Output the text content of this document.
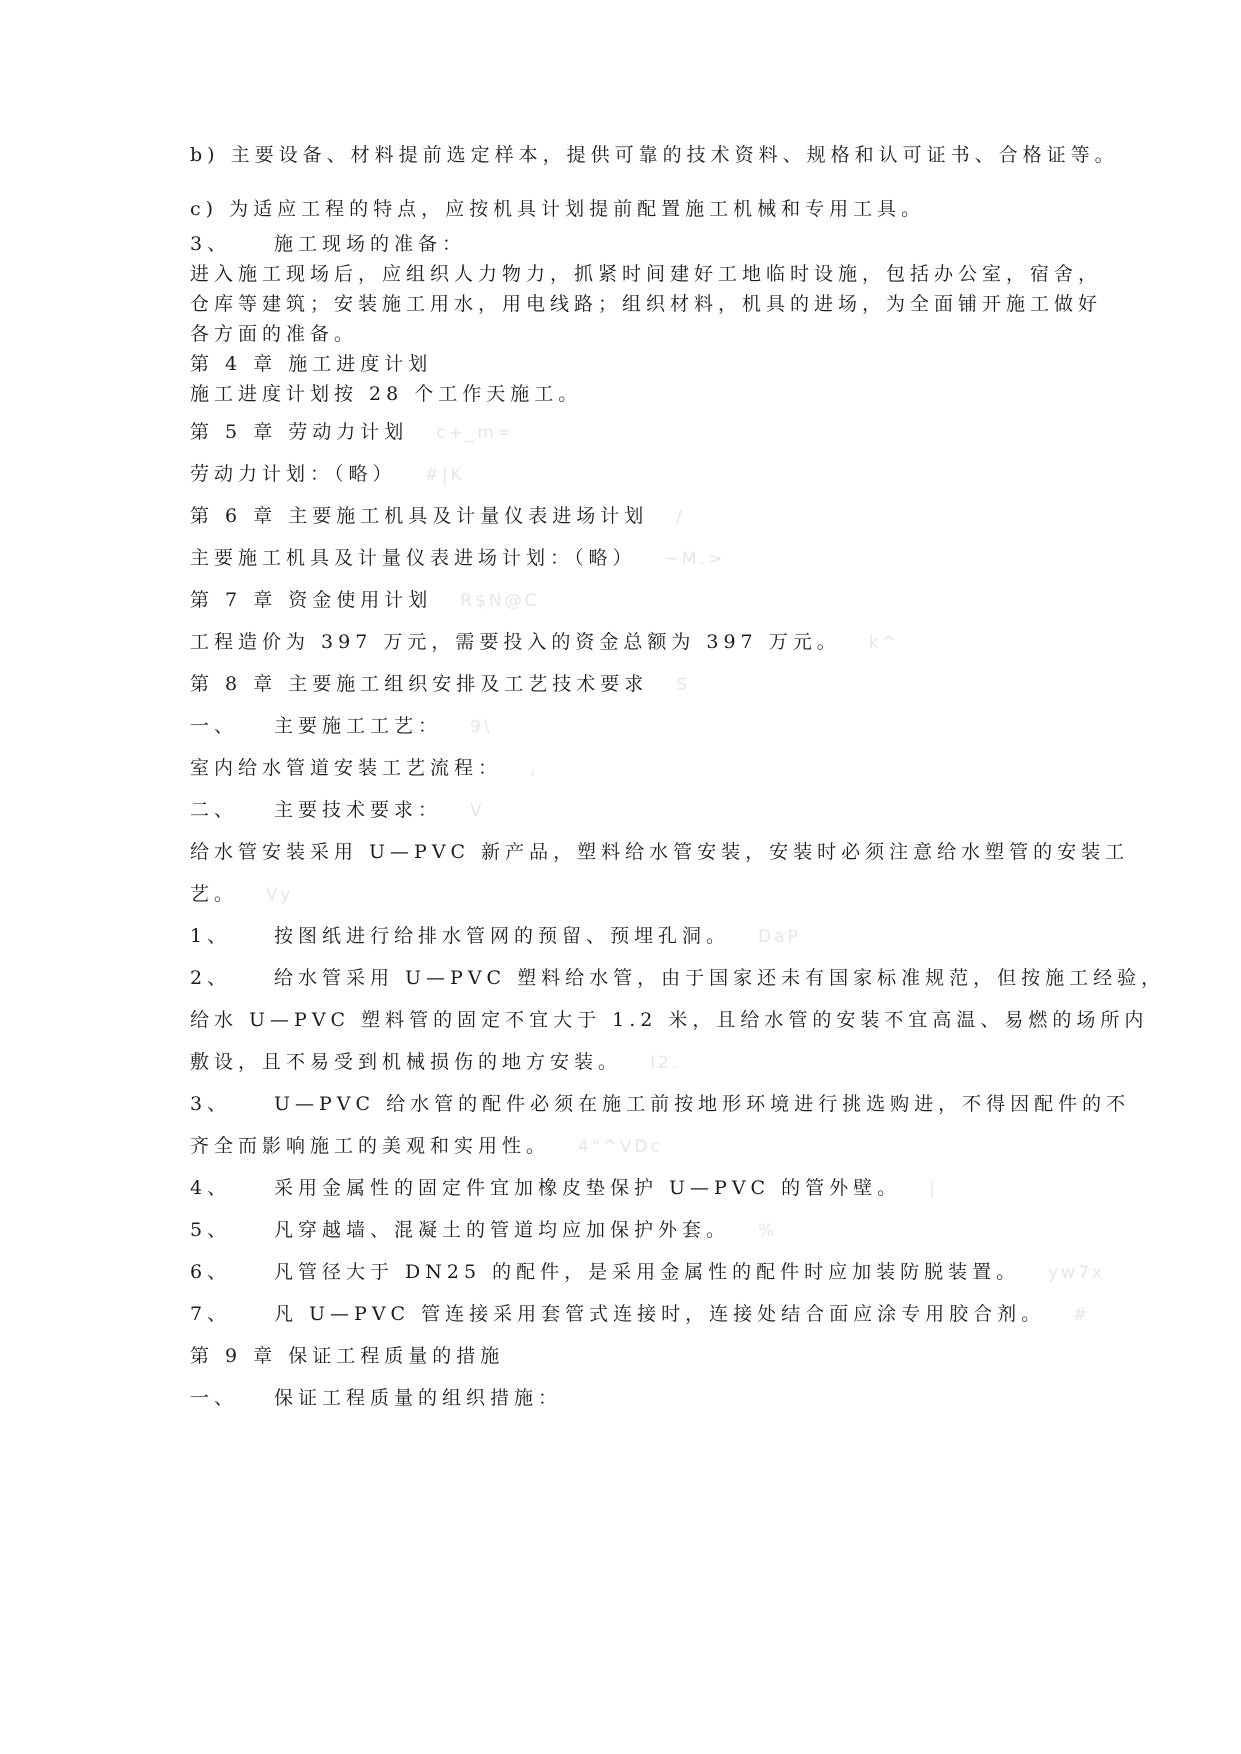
b) 主要设备、材料提前选定样本，提供可靠的技术资料、规格和认可证书、合格证等。
c) 为适应工程的特点，应按机具计划提前配置施工机械和专用工具。
3、 施工现场的准备：
进入施工现场后，应组织人力物力，抓紧时间建好工地临时设施，包括办公室，宿舍，
仓库等建筑；安装施工用水，用电线路；组织材料，机具的进场，为全面铺开施工做好
各方面的准备。
第 4 章 施工进度计划
施工进度计划按 28 个工作天施工。
第 5 章 劳动力计划 c+_m=
劳动力计划：（略） #|K
第 6 章 主要施工机具及计量仪表进场计划 /
主要施工机具及计量仪表进场计划：（略） ~M.>
第 7 章 资金使用计划 R$N@C
工程造价为 397 万元，需要投入的资金总额为 397 万元。 k^
第 8 章 主要施工组织安排及工艺技术要求 S
一、 主要施工工艺： 9\
室内给水管道安装工艺流程： ,
二、 主要技术要求： V
给水管安装采用 U—PVC 新产品，塑料给水管安装，安装时必须注意给水塑管的安装工
艺。 Vy
1、 按图纸进行给排水管网的预留、预埋孔洞。 DaP
2、 给水管采用 U—PVC 塑料给水管，由于国家还未有国家标准规范，但按施工经验，
给水 U—PVC 塑料管的固定不宜大于 1.2 米，且给水管的安装不宜高温、易燃的场所内
敷设，且不易受到机械损伤的地方安装。 I2.
3、 U—PVC 给水管的配件必须在施工前按地形环境进行挑选购进，不得因配件的不
齐全而影响施工的美观和实用性。 4"^VDc
4、 采用金属性的固定件宜加橡皮垫保护 U—PVC 的管外壁。 |
5、 凡穿越墙、混凝土的管道均应加保护外套。 %
6、 凡管径大于 DN25 的配件，是采用金属性的配件时应加装防脱装置。 yw7x
7、 凡 U—PVC 管连接采用套管式连接时，连接处结合面应涂专用胶合剂。 #
第 9 章 保证工程质量的措施
一、 保证工程质量的组织措施：
